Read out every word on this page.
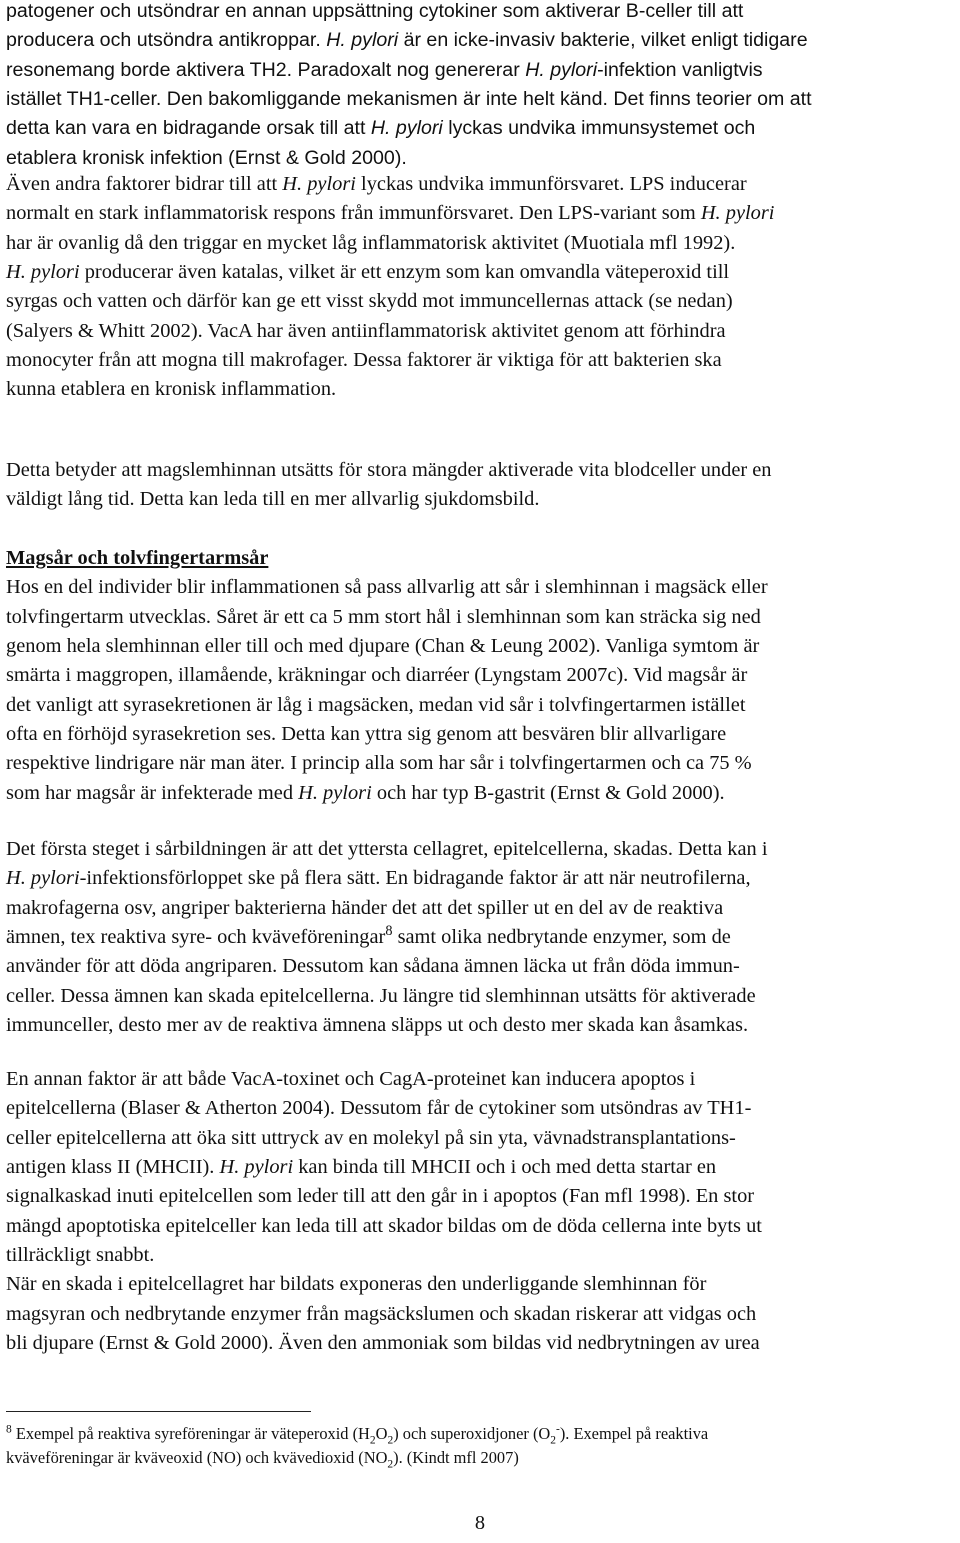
patogener och utsöndrar en annan uppsättning cytokiner som aktiverar B-celler till att
producera och utsöndra antikroppar. H. pylori är en icke-invasiv bakterie, vilket enligt tidigare
resonemang borde aktivera TH2. Paradoxalt nog genererar H. pylori-infektion vanligtvis
istället TH1-celler. Den bakomliggande mekanismen är inte helt känd. Det finns teorier om att
detta kan vara en bidragande orsak till att H. pylori lyckas undvika immunsystemet och
etablera kronisk infektion (Ernst & Gold 2000).
Även andra faktorer bidrar till att H. pylori lyckas undvika immunförsvaret. LPS inducerar
normalt en stark inflammatorisk respons från immunförsvaret. Den LPS-variant som H. pylori
har är ovanlig då den triggar en mycket låg inflammatorisk aktivitet (Muotiala mfl 1992).
H. pylori producerar även katalas, vilket är ett enzym som kan omvandla väteperoxid till
syrgas och vatten och därför kan ge ett visst skydd mot immuncellernas attack (se nedan)
(Salyers & Whitt 2002). VacA har även antiinflammatorisk aktivitet genom att förhindra
monocyter från att mogna till makrofager. Dessa faktorer är viktiga för att bakterien ska
kunna etablera en kronisk inflammation.
Detta betyder att magslemhinnan utsätts för stora mängder aktiverade vita blodceller under en
väldigt lång tid. Detta kan leda till en mer allvarlig sjukdomsbild.
Magsår och tolvfingertarmsår
Hos en del individer blir inflammationen så pass allvarlig att sår i slemhinnan i magsäck eller
tolvfingertarm utvecklas. Såret är ett ca 5 mm stort hål i slemhinnan som kan sträcka sig ned
genom hela slemhinnan eller till och med djupare (Chan & Leung 2002). Vanliga symtom är
smärta i maggropen, illamående, kräkningar och diarréer (Lyngstam 2007c). Vid magsår är
det vanligt att syrasekretionen är låg i magsäcken, medan vid sår i tolvfingertarmen istället
ofta en förhöjd syrasekretion ses. Detta kan yttra sig genom att besvären blir allvarligare
respektive lindrigare när man äter. I princip alla som har sår i tolvfingertarmen och ca 75 %
som har magsår är infekterade med H. pylori och har typ B-gastrit (Ernst & Gold 2000).
Det första steget i sårbildningen är att det yttersta cellagret, epitelcellerna, skadas. Detta kan i
H. pylori-infektionsförloppet ske på flera sätt. En bidragande faktor är att när neutrofilerna,
makrofagerna osv, angriper bakterierna händer det att det spiller ut en del av de reaktiva
ämnen, tex reaktiva syre- och kväveföreningar$^8$ samt olika nedbrytande enzymer, som de
använder för att döda angriparen. Dessutom kan sådana ämnen läcka ut från döda immun-
celler. Dessa ämnen kan skada epitelcellerna. Ju längre tid slemhinnan utsätts för aktiverade
immunceller, desto mer av de reaktiva ämnena släpps ut och desto mer skada kan åsamkas.
En annan faktor är att både VacA-toxinet och CagA-proteinet kan inducera apoptos i
epitelcellerna (Blaser & Atherton 2004). Dessutom får de cytokiner som utsöndras av TH1-
celler epitelcellerna att öka sitt uttryck av en molekyl på sin yta, vävnadstransplantations-
antigen klass II (MHCII). H. pylori kan binda till MHCII och i och med detta startar en
signalkaskad inuti epitelcellen som leder till att den går in i apoptos (Fan mfl 1998). En stor
mängd apoptotiska epitelceller kan leda till att skador bildas om de döda cellerna inte byts ut
tillräckligt snabbt.
När en skada i epitelcellagret har bildats exponeras den underliggande slemhinnan för
magsyran och nedbrytande enzymer från magsäckslumen och skadan riskerar att vidgas och
bli djupare (Ernst & Gold 2000). Även den ammoniak som bildas vid nedbrytningen av urea
$^8$ Exempel på reaktiva syreföreningar är väteperoxid $(H_2O_2)$ och superoxidjoner $(O_2^-)$. Exempel på reaktiva
kväveföreningar är kväveoxid (NO) och kvävedioxid $(NO_2)$. (Kindt mfl 2007)
8
